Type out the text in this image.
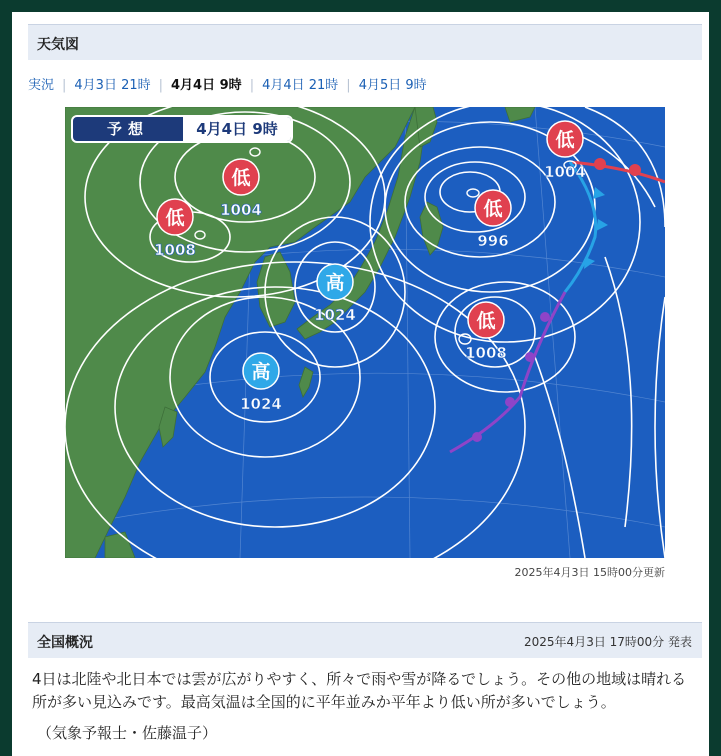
天気図
実況 | 4月3日 21時 | 4月4日 9時 | 4月4日 21時 | 4月5日 9時
低
1004
低
1008
高
1024
高
1024
低
996
低
1004
低
1008
予想	4月4日 9時
2025年4月3日 15時00分更新
全国概況	2025年4月3日 17時00分 発表
4日は北陸や北日本では雲が広がりやすく、所々で雨や雪が降るでしょう。その他の地域は晴れる所が多い見込みです。最高気温は全国的に平年並みか平年より低い所が多いでしょう。
（気象予報士・佐藤温子）
